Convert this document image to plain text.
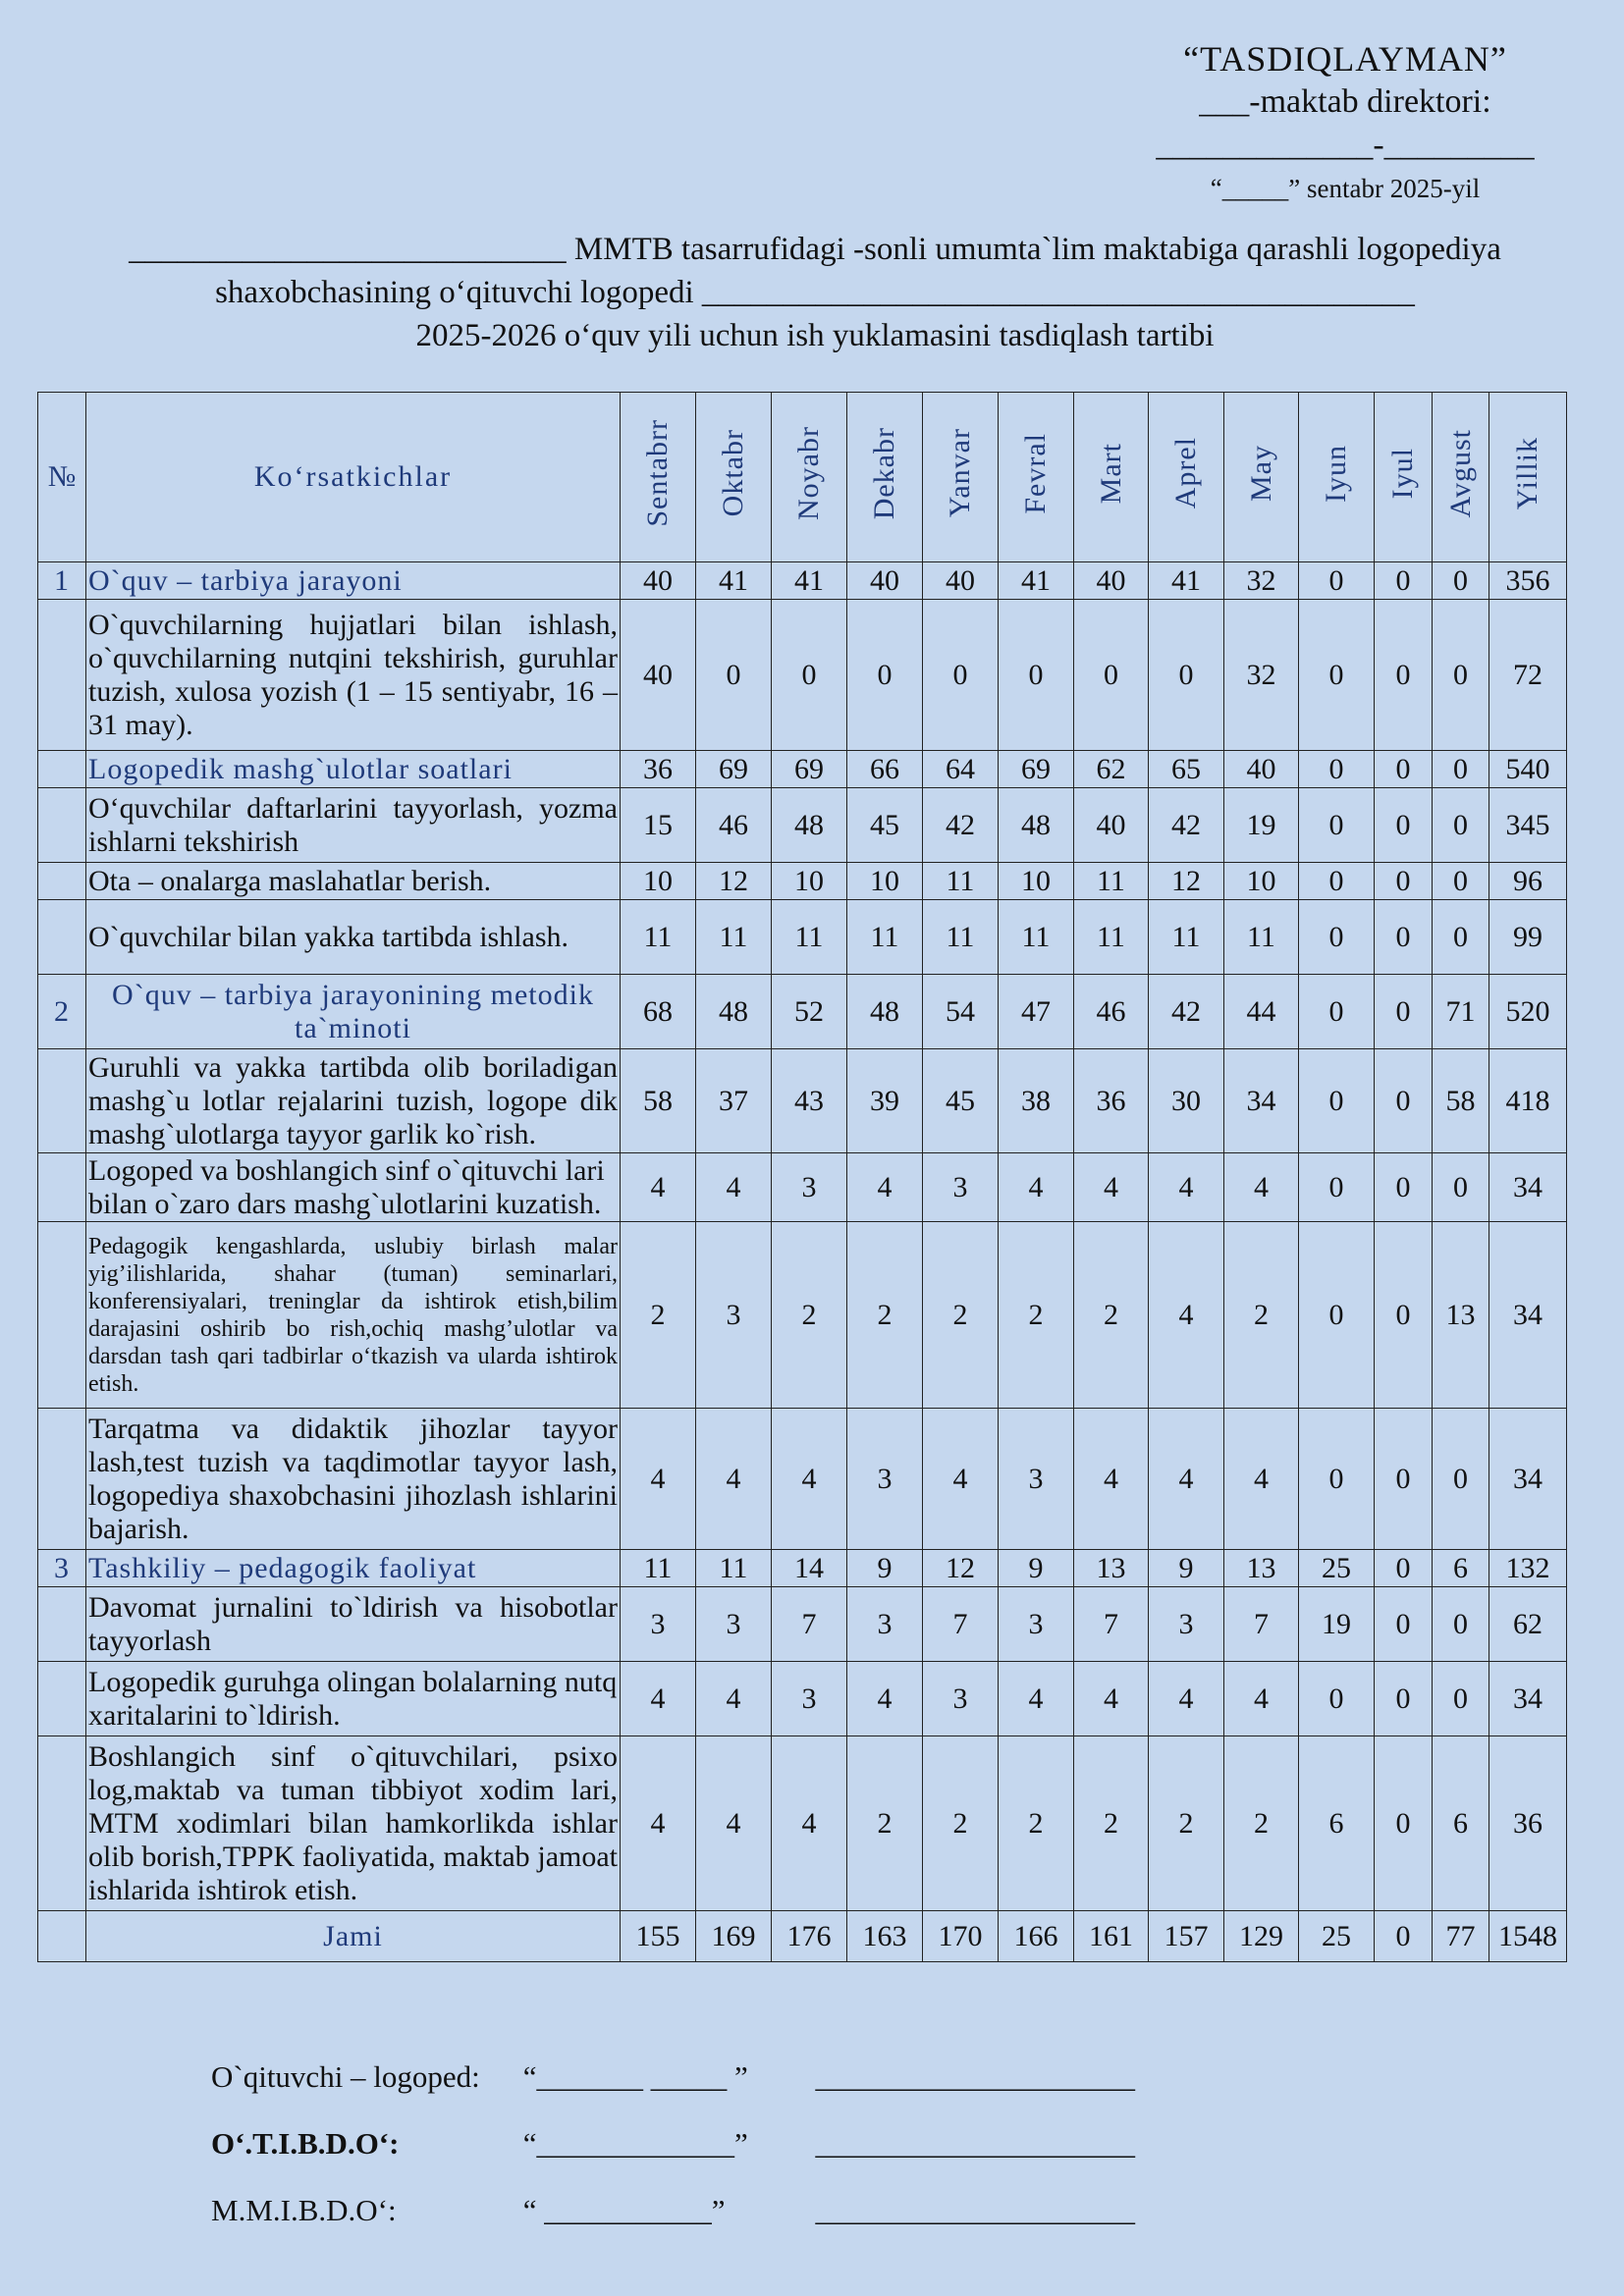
“TASDIQLAYMAN”
___-maktab direktori:
_____________-_________
“_____” sentabr 2025-yil
___________________________ MMTB tasarrufidagi -sonli umumta`lim maktabiga qarashli logopediya
shaxobchasining o‘qituvchi logopedi ____________________________________________
2025-2026 o‘quv yili uchun ish yuklamasini tasdiqlash tartibi
№	Ko‘rsatkichlar	Sentabrr	Oktabr	Noyabr	Dekabr	Yanvar	Fevral	Mart	Aprel	May	Iyun	Iyul	Avgust	Yillik
1	O`quv – tarbiya jarayoni	40	41	41	40	40	41	40	41	32	0	0	0	356
	O`quvchilarning hujjatlari bilan ishlash, o`quvchilarning nutqini tekshirish, guruhlar tuzish, xulosa yozish (1 – 15 sentiyabr, 16 – 31 may).	40	0	0	0	0	0	0	0	32	0	0	0	72
	Logopedik mashg`ulotlar soatlari	36	69	69	66	64	69	62	65	40	0	0	0	540
	O‘quvchilar daftarlarini tayyorlash, yozma ishlarni tekshirish	15	46	48	45	42	48	40	42	19	0	0	0	345
	Ota – onalarga maslahatlar berish.	10	12	10	10	11	10	11	12	10	0	0	0	96
	O`quvchilar bilan yakka tartibda ishlash.	11	11	11	11	11	11	11	11	11	0	0	0	99
2	O`quv – tarbiya jarayonining metodik ta`minoti	68	48	52	48	54	47	46	42	44	0	0	71	520
	Guruhli va yakka tartibda olib boriladigan mashg`u lotlar rejalarini tuzish, logope dik mashg`ulotlarga tayyor garlik ko`rish.	58	37	43	39	45	38	36	30	34	0	0	58	418
	Logoped va boshlangich sinf o`qituvchi lari bilan o`zaro dars mashg`ulotlarini kuzatish.	4	4	3	4	3	4	4	4	4	0	0	0	34
	Pedagogik kengashlarda, uslubiy birlash malar yig’ilishlarida, shahar (tuman) seminarlari, konferensiyalari, treninglar da ishtirok etish,bilim darajasini oshirib bo rish,ochiq mashg’ulotlar va darsdan tash qari tadbirlar o‘tkazish va ularda ishtirok etish.	2	3	2	2	2	2	2	4	2	0	0	13	34
	Tarqatma va didaktik jihozlar tayyor lash,test tuzish va taqdimotlar tayyor lash, logopediya shaxobchasini jihozlash ishlarini bajarish.	4	4	4	3	4	3	4	4	4	0	0	0	34
3	Tashkiliy – pedagogik faoliyat	11	11	14	9	12	9	13	9	13	25	0	6	132
	Davomat jurnalini to`ldirish va hisobotlar tayyorlash	3	3	7	3	7	3	7	3	7	19	0	0	62
	Logopedik guruhga olingan bolalarning nutq xaritalarini to`ldirish.	4	4	3	4	3	4	4	4	4	0	0	0	34
	Boshlangich sinf o`qituvchilari, psixo log,maktab va tuman tibbiyot xodim lari, MTM xodimlari bilan hamkorlikda ishlar olib borish,TPPK faoliyatida, maktab jamoat ishlarida ishtirok etish.	4	4	4	2	2	2	2	2	2	6	0	6	36
	Jami	155	169	176	163	170	166	161	157	129	25	0	77	1548
O`qituvchi – logoped: “_______ _____ ” _____________________
O‘.T.I.B.D.O‘:	“_____________” _____________________
M.M.I.B.D.O‘:	“ ___________”	_____________________
